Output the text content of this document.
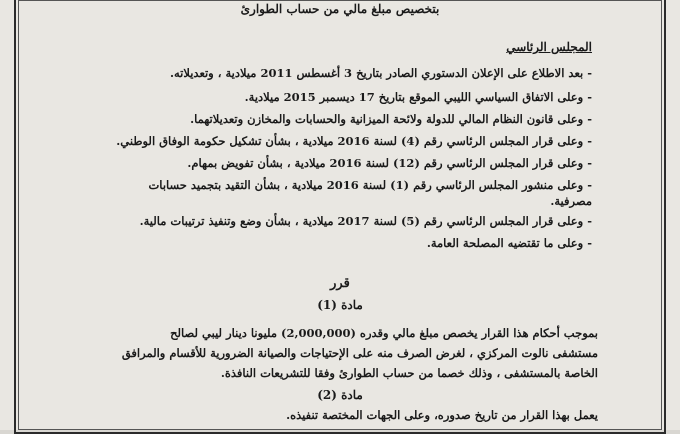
بتخصيص مبلغ مالي من حساب الطوارئ
المجلس الرئاسي
- بعد الاطلاع على الإعلان الدستوري الصادر بتاريخ 3 أغسطس 2011 ميلادية ، وتعديلاته.
- وعلى الاتفاق السياسي الليبي الموقع بتاريخ 17 ديسمبر 2015 ميلادية.
- وعلى قانون النظام المالي للدولة ولائحة الميزانية والحسابات والمخازن وتعديلاتهما.
- وعلى قرار المجلس الرئاسي رقم (4) لسنة 2016 ميلادية ، بشأن تشكيل حكومة الوفاق الوطني.
- وعلى قرار المجلس الرئاسي رقم (12) لسنة 2016 ميلادية ، بشأن تفويض بمهام.
- وعلى منشور المجلس الرئاسي رقم (1) لسنة 2016 ميلادية ، بشأن التقيد بتجميد حسابات
مصرفية.
- وعلى قرار المجلس الرئاسي رقم (5) لسنة 2017 ميلادية ، بشأن وضع وتنفيذ ترتيبات مالية.
- وعلى ما تقتضيه المصلحة العامة.
قرر
مادة (1)
بموجب أحكام هذا القرار يخصص مبلغ مالي وقدره (2,000,000) مليونا دينار ليبي لصالح
مستشفى نالوت المركزي ، لغرض الصرف منه على الإحتياجات والصيانة الضرورية للأقسام والمرافق
الخاصة بالمستشفى ، وذلك خصما من حساب الطوارئ وفقا للتشريعات النافذة.
مادة (2)
يعمل بهذا القرار من تاريخ صدوره، وعلى الجهات المختصة تنفيذه.
